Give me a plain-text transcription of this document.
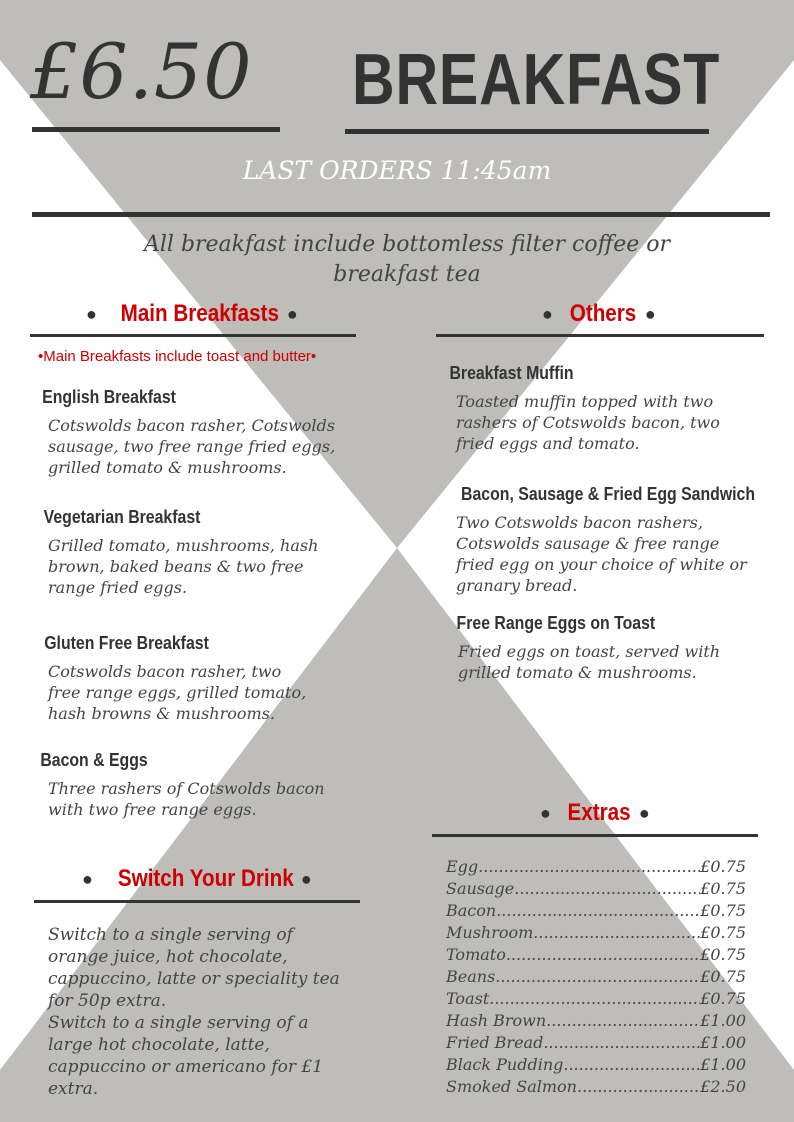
£6.50 BREAKFAST
LAST ORDERS 11:45am
All breakfast include bottomless filter coffee or breakfast tea
● Main Breakfasts ●
•Main Breakfasts include toast and butter•
English Breakfast
Cotswolds bacon rasher, Cotswolds sausage, two free range fried eggs, grilled tomato & mushrooms.
Vegetarian Breakfast
Grilled tomato, mushrooms, hash brown, baked beans & two free range fried eggs.
Gluten Free Breakfast
Cotswolds bacon rasher, two free range eggs, grilled tomato, hash browns & mushrooms.
Bacon & Eggs
Three rashers of Cotswolds bacon with two free range eggs.
● Others ●
Breakfast Muffin
Toasted muffin topped with two rashers of Cotswolds bacon, two fried eggs and tomato.
Bacon, Sausage & Fried Egg Sandwich
Two Cotswolds bacon rashers, Cotswolds sausage & free range fried egg on your choice of white or granary bread.
Free Range Eggs on Toast
Fried eggs on toast, served with grilled tomato & mushrooms.
● Switch Your Drink ●
Switch to a single serving of orange juice, hot chocolate, cappuccino, latte or speciality tea for 50p extra.
Switch to a single serving of a large hot chocolate, latte, cappuccino or americano for £1 extra.
● Extras ●
Egg .....	£0.75
Sausage .....	£0.75
Bacon .....	£0.75
Mushroom .....	£0.75
Tomato .....	£0.75
Beans .....	£0.75
Toast .....	£0.75
Hash Brown .....	£1.00
Fried Bread .....	£1.00
Black Pudding .....	£1.00
Smoked Salmon .....	£2.50
